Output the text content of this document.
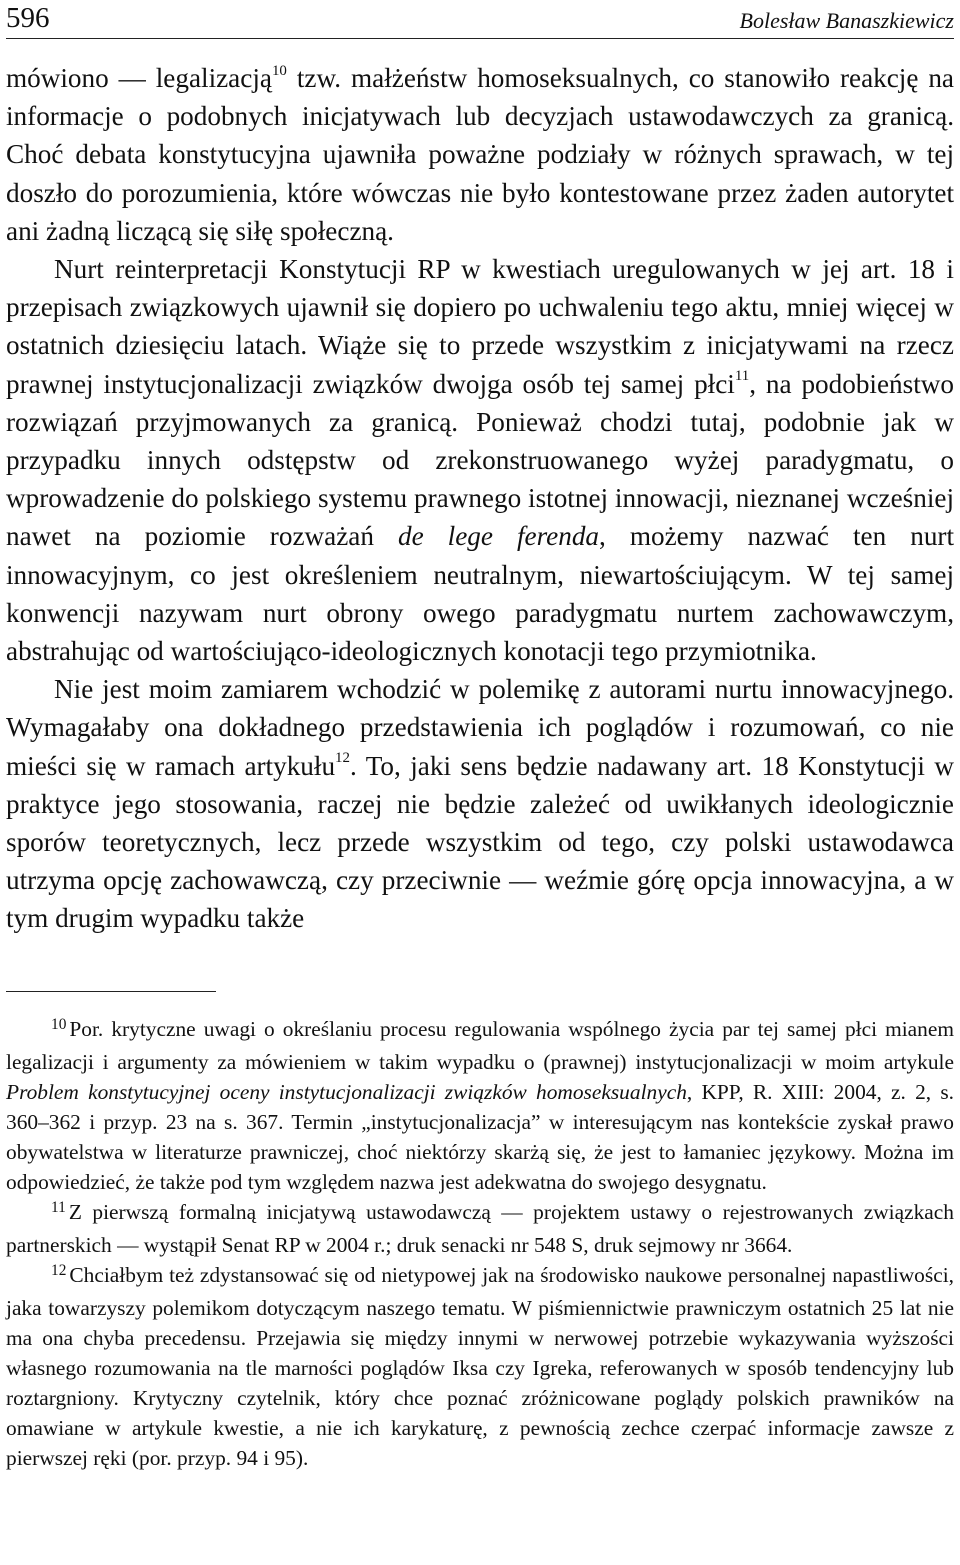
596	Bolesław Banaszkiewicz

mówiono — legalizacją$^{10}$ tzw. małżeństw homoseksualnych, co stanowiło reakcję na informacje o podobnych inicjatywach lub decyzjach ustawodawczych za granicą. Choć debata konstytucyjna ujawniła poważne podziały w różnych sprawach, w tej doszło do porozumienia, które wówczas nie było kontestowane przez żaden autorytet ani żadną liczącą się siłę społeczną.

Nurt reinterpretacji Konstytucji RP w kwestiach uregulowanych w jej art. 18 i przepisach związkowych ujawnił się dopiero po uchwaleniu tego aktu, mniej więcej w ostatnich dziesięciu latach. Wiąże się to przede wszystkim z inicjatywami na rzecz prawnej instytucjonalizacji związków dwojga osób tej samej płci$^{11}$, na podobieństwo rozwiązań przyjmowanych za granicą. Ponieważ chodzi tutaj, podobnie jak w przypadku innych odstępstw od zrekonstruowanego wyżej paradygmatu, o wprowadzenie do polskiego systemu prawnego istotnej innowacji, nieznanej wcześniej nawet na poziomie rozważań de lege ferenda, możemy nazwać ten nurt innowacyjnym, co jest określeniem neutralnym, niewartościującym. W tej samej konwencji nazywam nurt obrony owego paradygmatu nurtem zachowawczym, abstrahując od wartościująco-ideologicznych konotacji tego przymiotnika.

Nie jest moim zamiarem wchodzić w polemikę z autorami nurtu innowacyjnego. Wymagałaby ona dokładnego przedstawienia ich poglądów i rozumowań, co nie mieści się w ramach artykułu$^{12}$. To, jaki sens będzie nadawany art. 18 Konstytucji w praktyce jego stosowania, raczej nie będzie zależeć od uwikłanych ideologicznie sporów teoretycznych, lecz przede wszystkim od tego, czy polski ustawodawca utrzyma opcję zachowawczą, czy przeciwnie — weźmie górę opcja innowacyjna, a w tym drugim wypadku także

$^{10}$ Por. krytyczne uwagi o określaniu procesu regulowania wspólnego życia par tej samej płci mianem legalizacji i argumenty za mówieniem w takim wypadku o (prawnej) instytucjonalizacji w moim artykule Problem konstytucyjnej oceny instytucjonalizacji związków homoseksualnych, KPP, R. XIII: 2004, z. 2, s. 360–362 i przyp. 23 na s. 367. Termin „instytucjonalizacja” w interesującym nas kontekście zyskał prawo obywatelstwa w literaturze prawniczej, choć niektórzy skarżą się, że jest to łamaniec językowy. Można im odpowiedzieć, że także pod tym względem nazwa jest adekwatna do swojego desygnatu.

$^{11}$ Z pierwszą formalną inicjatywą ustawodawczą — projektem ustawy o rejestrowanych związkach partnerskich — wystąpił Senat RP w 2004 r.; druk senacki nr 548 S, druk sejmowy nr 3664.

$^{12}$ Chciałbym też zdystansować się od nietypowej jak na środowisko naukowe personalnej napastliwości, jaka towarzyszy polemikom dotyczącym naszego tematu. W piśmiennictwie prawniczym ostatnich 25 lat nie ma ona chyba precedensu. Przejawia się między innymi w nerwowej potrzebie wykazywania wyższości własnego rozumowania na tle marności poglądów Iksa czy Igreka, referowanych w sposób tendencyjny lub roztargniony. Krytyczny czytelnik, który chce poznać zróżnicowane poglądy polskich prawników na omawiane w artykule kwestie, a nie ich karykaturę, z pewnością zechce czerpać informacje zawsze z pierwszej ręki (por. przyp. 94 i 95).
